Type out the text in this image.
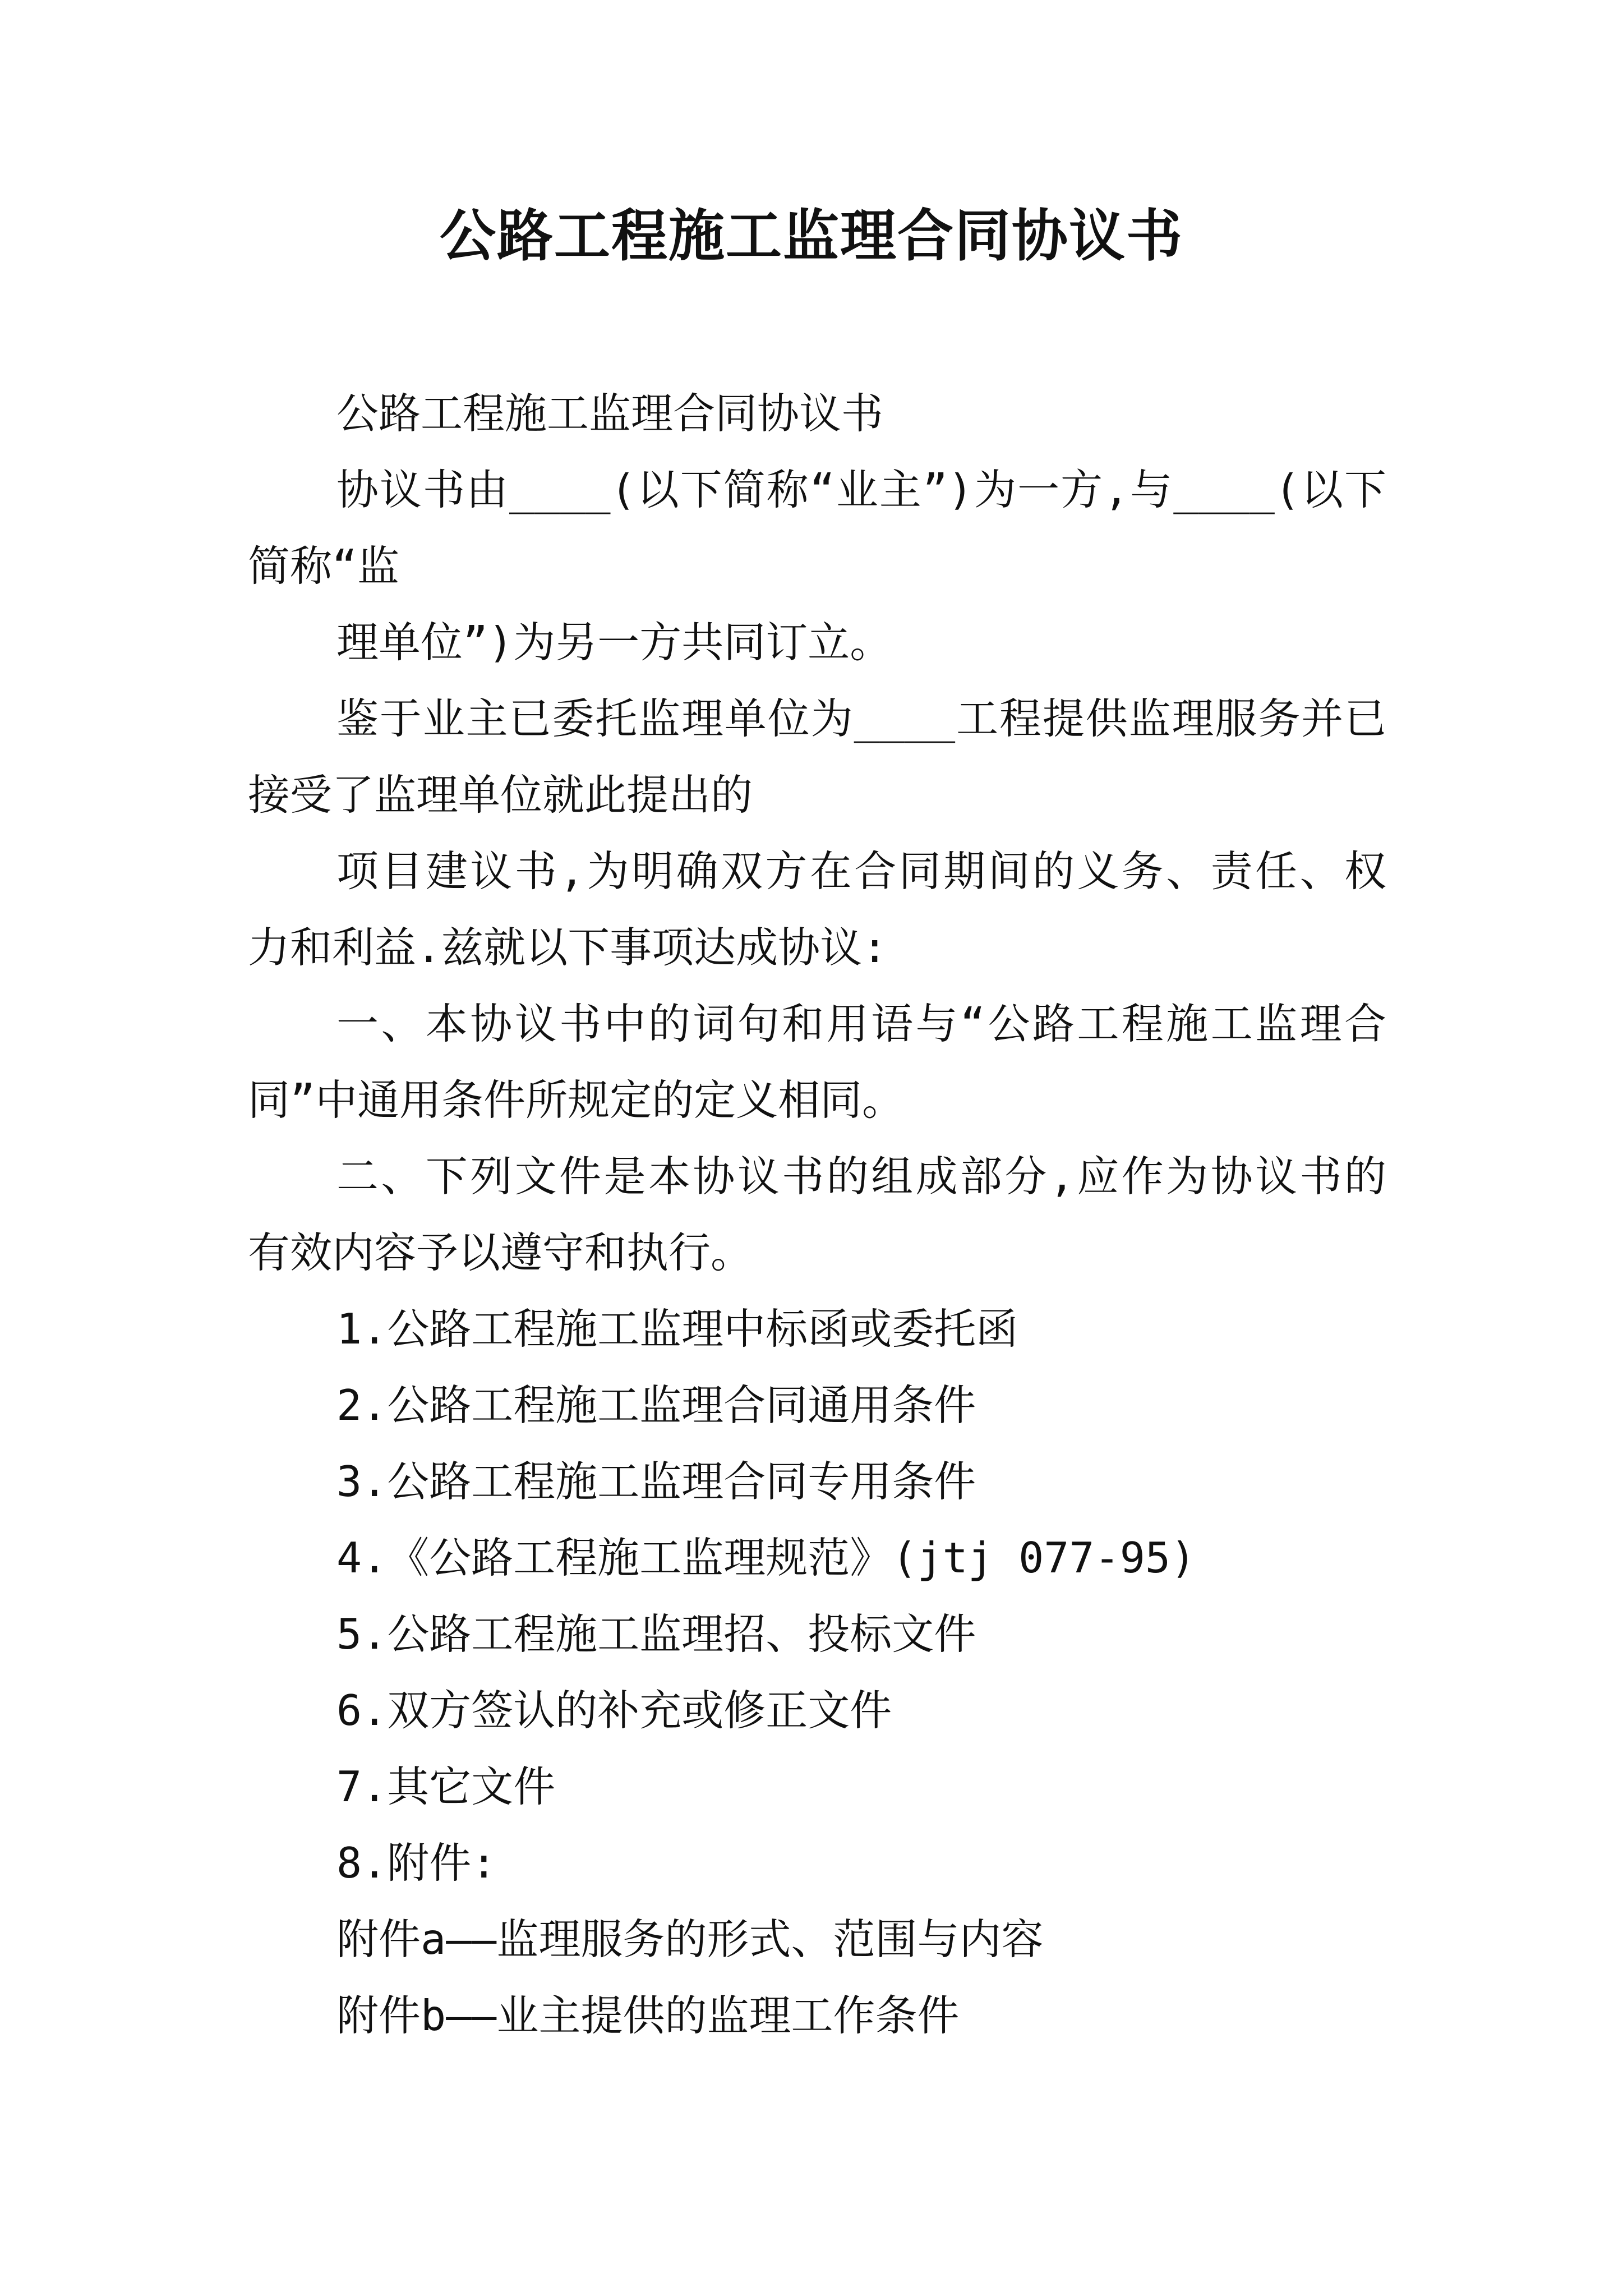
公路工程施工监理合同协议书
公路工程施工监理合同协议书
协议书由____(以下简称“业主”)为一方,与____(以下
简称“监
理单位”)为另一方共同订立。
鉴于业主已委托监理单位为____工程提供监理服务并已
接受了监理单位就此提出的
项目建议书,为明确双方在合同期间的义务、责任、权
力和利益.兹就以下事项达成协议:
一、本协议书中的词句和用语与“公路工程施工监理合
同”中通用条件所规定的定义相同。
二、下列文件是本协议书的组成部分,应作为协议书的
有效内容予以遵守和执行。
1.公路工程施工监理中标函或委托函
2.公路工程施工监理合同通用条件
3.公路工程施工监理合同专用条件
4.《公路工程施工监理规范》(jtj 077-95)
5.公路工程施工监理招、投标文件
6.双方签认的补充或修正文件
7.其它文件
8.附件:
附件a——监理服务的形式、范围与内容
附件b——业主提供的监理工作条件
